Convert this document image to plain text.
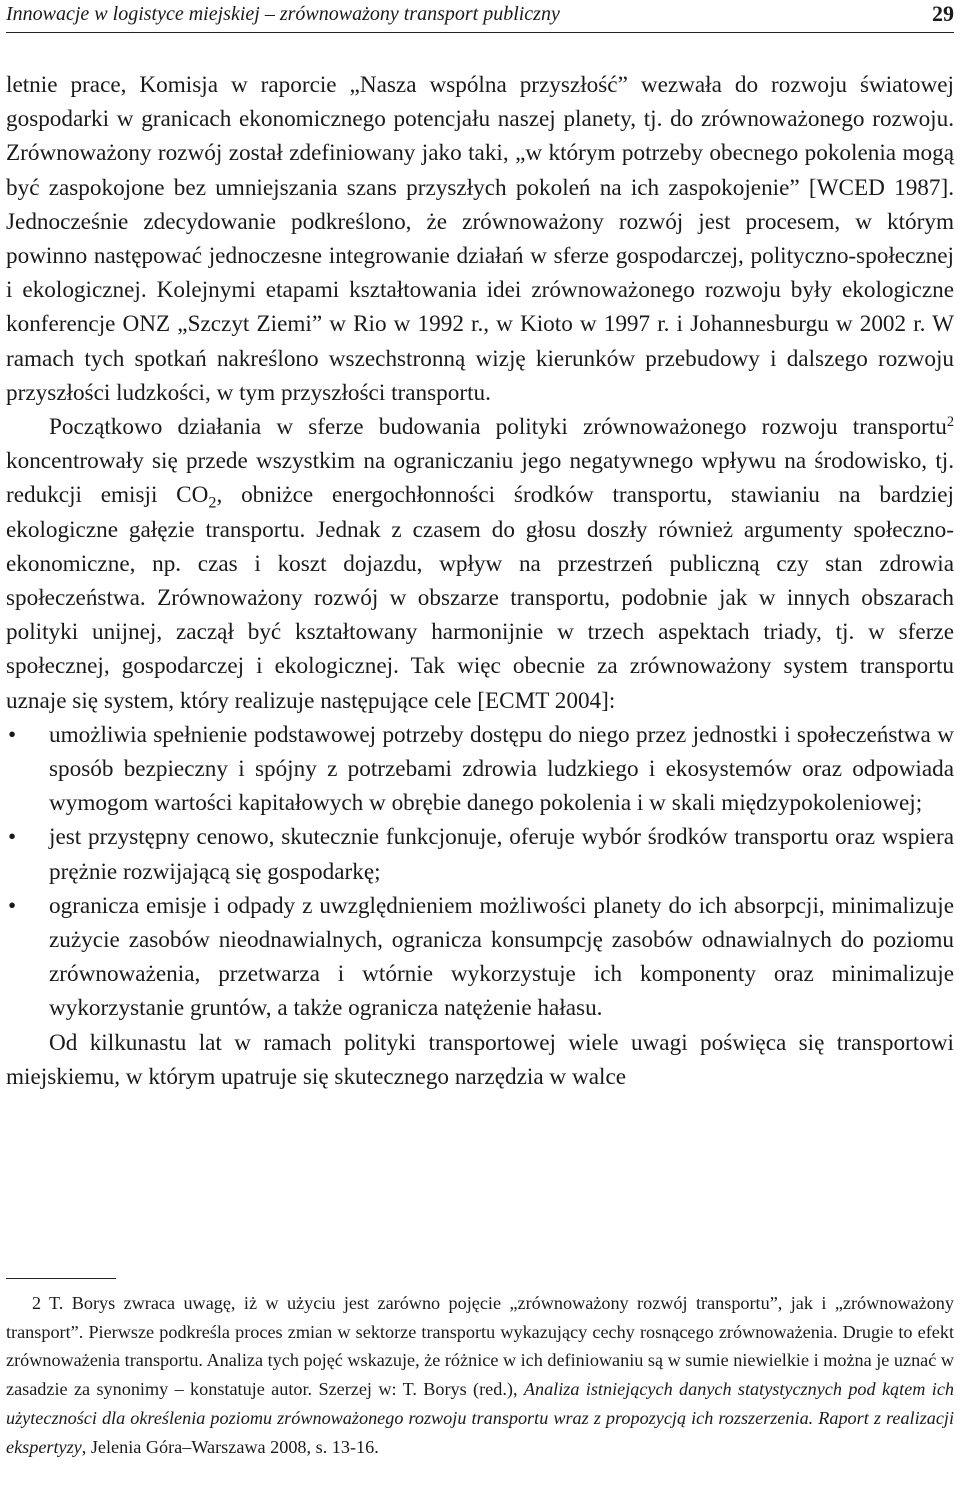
Innowacje w logistyce miejskiej – zrównoważony transport publiczny	29

letnie prace, Komisja w raporcie „Nasza wspólna przyszłość” wezwała do rozwoju światowej gospodarki w granicach ekonomicznego potencjału naszej planety, tj. do zrównoważonego rozwoju. Zrównoważony rozwój został zdefiniowany jako taki, „w którym potrzeby obecnego pokolenia mogą być zaspokojone bez umniejszania szans przyszłych pokoleń na ich zaspokojenie” [WCED 1987]. Jednocześnie zdecydowanie podkreślono, że zrównoważony rozwój jest procesem, w którym powinno następować jednoczesne integrowanie działań w sferze gospodarczej, polityczno-społecznej i ekologicznej. Kolejnymi etapami kształtowania idei zrównoważonego rozwoju były ekologiczne konferencje ONZ „Szczyt Ziemi” w Rio w 1992 r., w Kioto w 1997 r. i Johannesburgu w 2002 r. W ramach tych spotkań nakreślono wszechstronną wizję kierunków przebudowy i dalszego rozwoju przyszłości ludzkości, w tym przyszłości transportu.

Początkowo działania w sferze budowania polityki zrównoważonego rozwoju transportu$^2$ koncentrowały się przede wszystkim na ograniczaniu jego negatywnego wpływu na środowisko, tj. redukcji emisji $CO_2$, obniżce energochłonności środków transportu, stawianiu na bardziej ekologiczne gałęzie transportu. Jednak z czasem do głosu doszły również argumenty społeczno-ekonomiczne, np. czas i koszt dojazdu, wpływ na przestrzeń publiczną czy stan zdrowia społeczeństwa. Zrównoważony rozwój w obszarze transportu, podobnie jak w innych obszarach polityki unijnej, zaczął być kształtowany harmonijnie w trzech aspektach triady, tj. w sferze społecznej, gospodarczej i ekologicznej. Tak więc obecnie za zrównoważony system transportu uznaje się system, który realizuje następujące cele [ECMT 2004]:

• umożliwia spełnienie podstawowej potrzeby dostępu do niego przez jednostki i społeczeństwa w sposób bezpieczny i spójny z potrzebami zdrowia ludzkiego i ekosystemów oraz odpowiada wymogom wartości kapitałowych w obrębie danego pokolenia i w skali międzypokoleniowej;
• jest przystępny cenowo, skutecznie funkcjonuje, oferuje wybór środków transportu oraz wspiera prężnie rozwijającą się gospodarkę;
• ogranicza emisje i odpady z uwzględnieniem możliwości planety do ich absorpcji, minimalizuje zużycie zasobów nieodnawialnych, ogranicza konsumpcję zasobów odnawialnych do poziomu zrównoważenia, przetwarza i wtórnie wykorzystuje ich komponenty oraz minimalizuje wykorzystanie gruntów, a także ogranicza natężenie hałasu.

Od kilkunastu lat w ramach polityki transportowej wiele uwagi poświęca się transportowi miejskiemu, w którym upatruje się skutecznego narzędzia w walce

2 T. Borys zwraca uwagę, iż w użyciu jest zarówno pojęcie „zrównoważony rozwój transportu”, jak i „zrównoważony transport”. Pierwsze podkreśla proces zmian w sektorze transportu wykazujący cechy rosnącego zrównoważenia. Drugie to efekt zrównoważenia transportu. Analiza tych pojęć wskazuje, że różnice w ich definiowaniu są w sumie niewielkie i można je uznać w zasadzie za synonimy – konstatuje autor. Szerzej w: T. Borys (red.), Analiza istniejących danych statystycznych pod kątem ich użyteczności dla określenia poziomu zrównoważonego rozwoju transportu wraz z propozycją ich rozszerzenia. Raport z realizacji ekspertyzy, Jelenia Góra–Warszawa 2008, s. 13-16.
